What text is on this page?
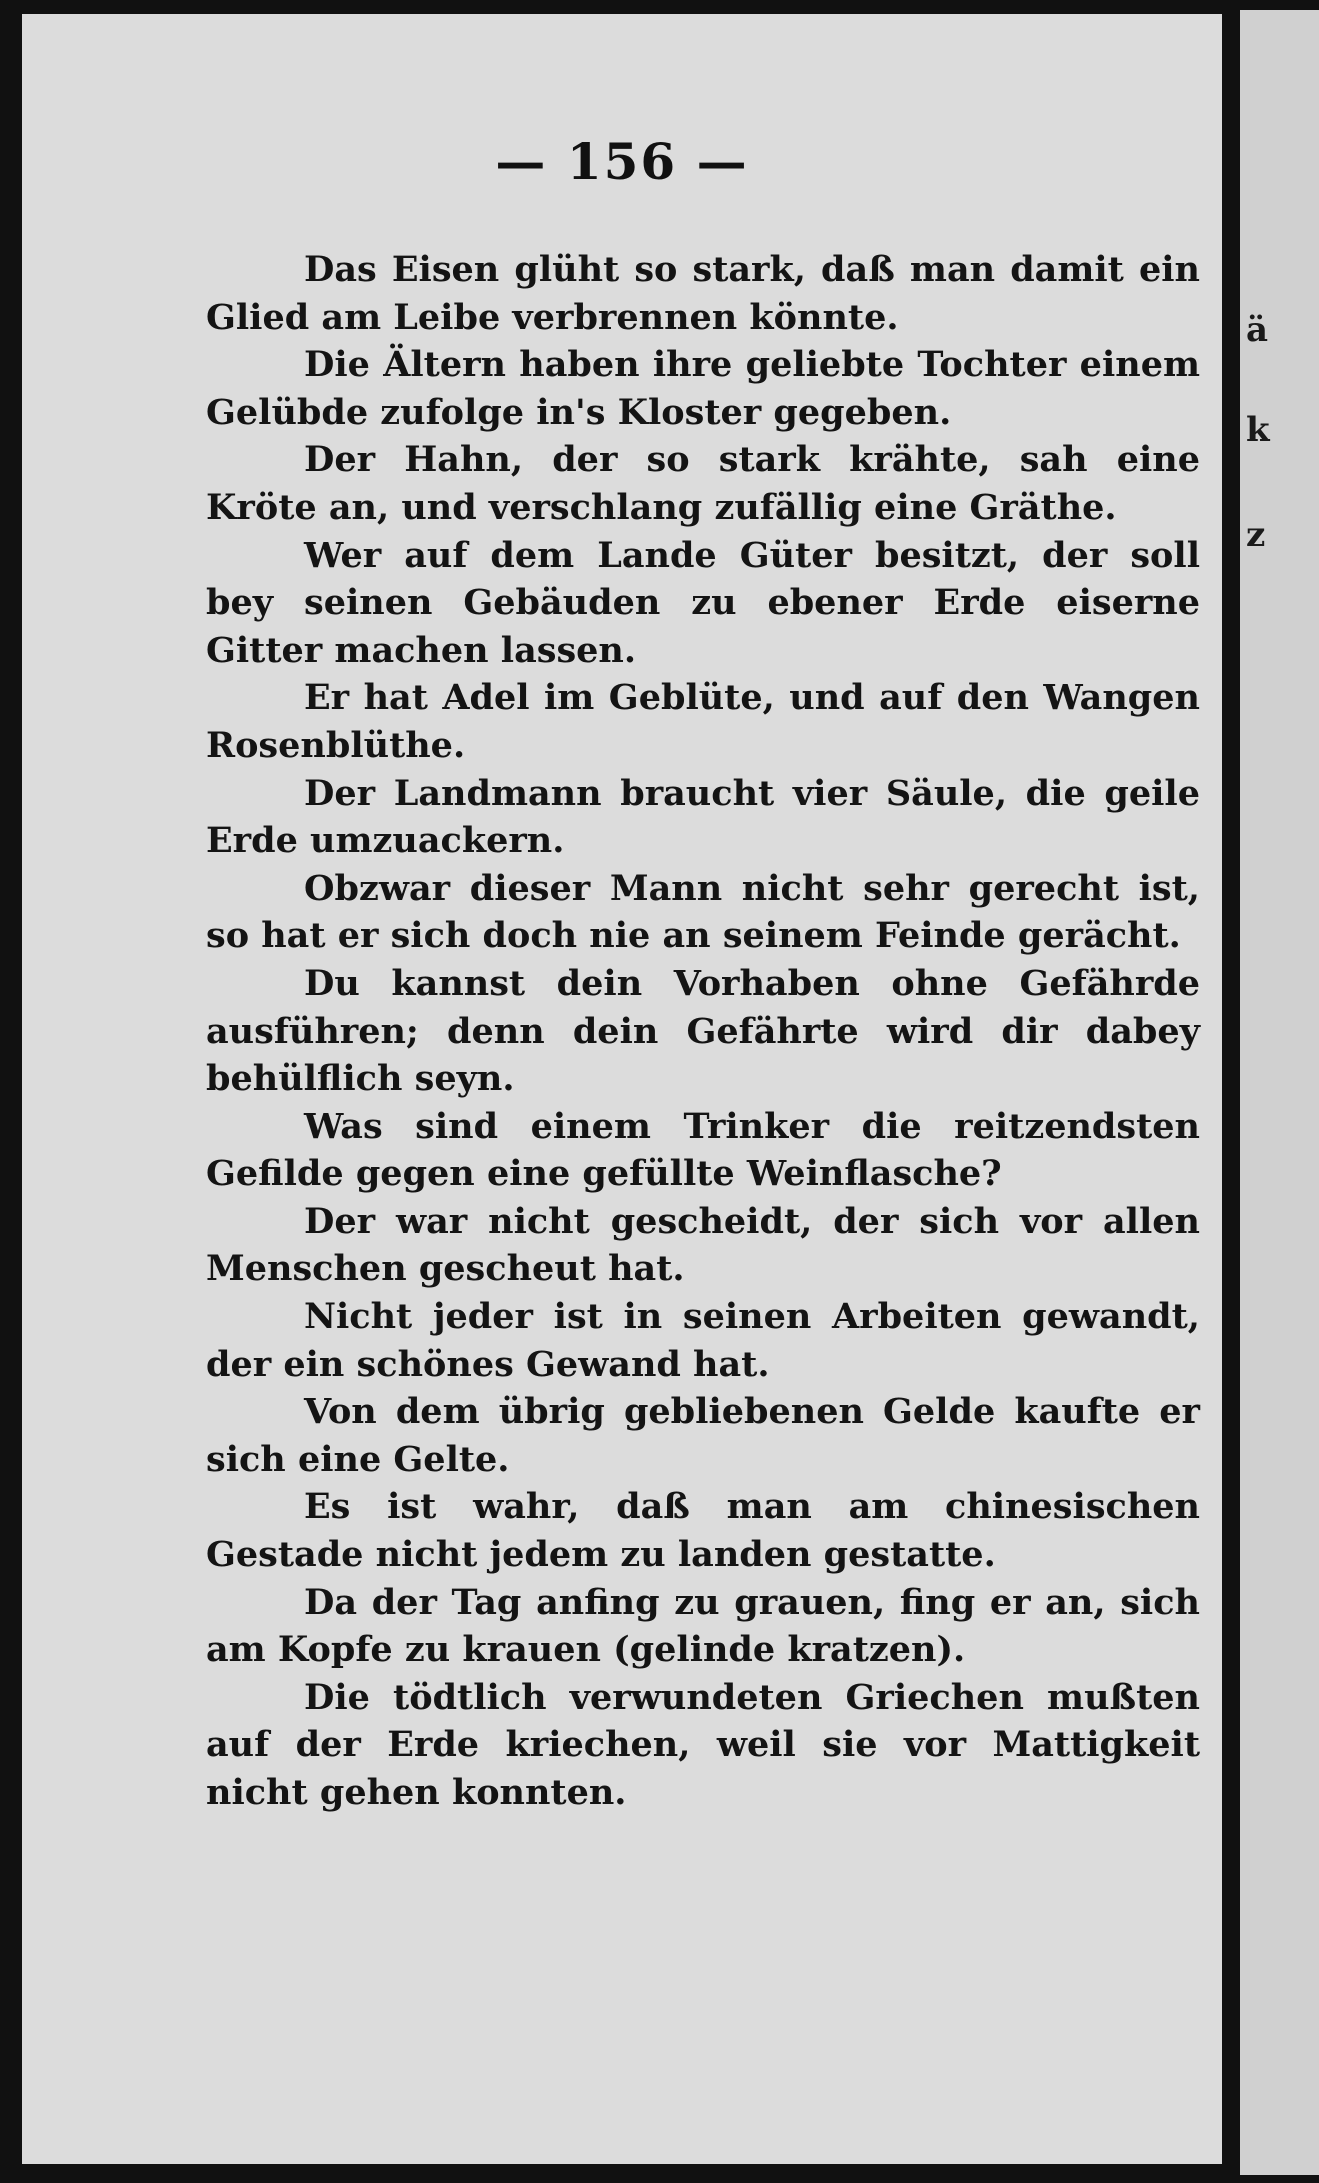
— 156 —

Das Eisen glüht so stark, daß man damit ein Glied am Leibe verbrennen könnte.

Die Ältern haben ihre geliebte Tochter einem Gelübde zufolge in's Kloster gegeben.

Der Hahn, der so stark krähte, sah eine Kröte an, und verschlang zufällig eine Gräthe.

Wer auf dem Lande Güter besitzt, der soll bey seinen Gebäuden zu ebener Erde eiserne Gitter machen lassen.

Er hat Adel im Geblüte, und auf den Wangen Rosenblüthe.

Der Landmann braucht vier Säule, die geile Erde umzuackern.

Obzwar dieser Mann nicht sehr gerecht ist, so hat er sich doch nie an seinem Feinde gerächt.

Du kannst dein Vorhaben ohne Gefährde ausführen; denn dein Gefährte wird dir dabey behülflich seyn.

Was sind einem Trinker die reitzendsten Gefilde gegen eine gefüllte Weinflasche?

Der war nicht gescheidt, der sich vor allen Menschen gescheut hat.

Nicht jeder ist in seinen Arbeiten gewandt, der ein schönes Gewand hat.

Von dem übrig gebliebenen Gelde kaufte er sich eine Gelte.

Es ist wahr, daß man am chinesischen Gestade nicht jedem zu landen gestatte.

Da der Tag anfing zu grauen, fing er an, sich am Kopfe zu krauen (gelinde kratzen).

Die tödtlich verwundeten Griechen mußten auf der Erde kriechen, weil sie vor Mattigkeit nicht gehen konnten.

ä
k
z
